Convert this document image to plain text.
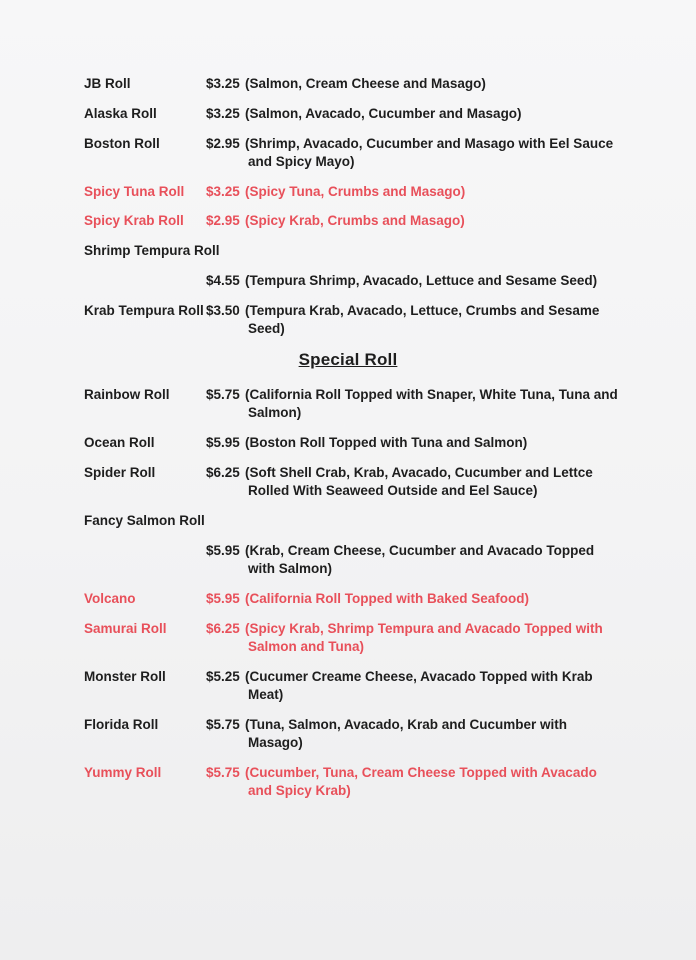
JB Roll	$3.25 (Salmon, Cream Cheese and Masago)
Alaska Roll	$3.25 (Salmon, Avacado, Cucumber and Masago)
Boston Roll	$2.95 (Shrimp, Avacado, Cucumber and Masago with Eel Sauce and Spicy Mayo)
Spicy Tuna Roll $3.25 (Spicy Tuna, Crumbs and Masago)
Spicy Krab Roll $2.95 (Spicy Krab, Crumbs and Masago)
Shrimp Tempura Roll
$4.55 (Tempura Shrimp, Avacado, Lettuce and Sesame Seed)
Krab Tempura Roll $3.50 (Tempura Krab, Avacado, Lettuce, Crumbs and Sesame Seed)
Special Roll
Rainbow Roll	$5.75 (California Roll Topped with Snaper, White Tuna, Tuna and Salmon)
Ocean Roll	$5.95 (Boston Roll Topped with Tuna and Salmon)
Spider Roll	$6.25 (Soft Shell Crab, Krab, Avacado, Cucumber and Lettce Rolled With Seaweed Outside and Eel Sauce)
Fancy Salmon Roll
$5.95 (Krab, Cream Cheese, Cucumber and Avacado Topped with Salmon)
Volcano	$5.95 (California Roll Topped with Baked Seafood)
Samurai Roll	$6.25 (Spicy Krab, Shrimp Tempura and Avacado Topped with Salmon and Tuna)
Monster Roll	$5.25 (Cucumer Creame Cheese, Avacado Topped with Krab Meat)
Florida Roll	$5.75 (Tuna, Salmon, Avacado, Krab and Cucumber with Masago)
Yummy Roll	$5.75 (Cucumber, Tuna, Cream Cheese Topped with Avacado and Spicy Krab)
